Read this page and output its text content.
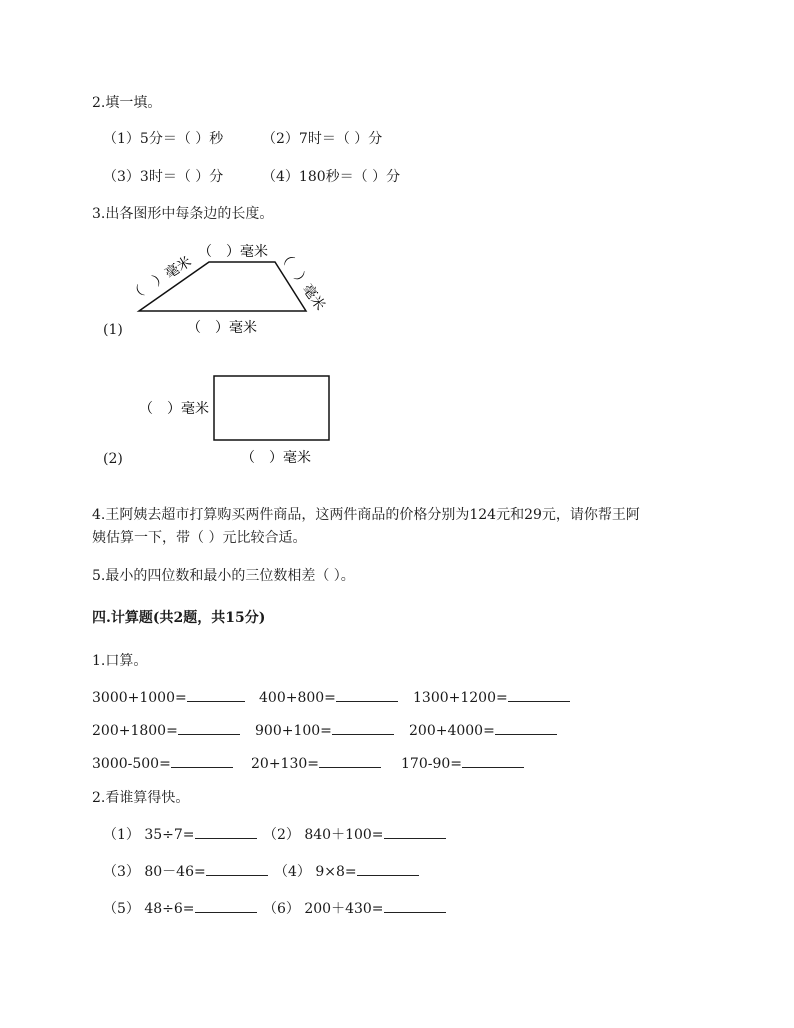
2.填一填。
（1）5分＝（ ）秒	（2）7时＝（ ）分
（3）3时＝（ ）分	（4）180秒＝（ ）分
3.出各图形中每条边的长度。
（　）毫米
（　）毫米	（　）毫米
（　）毫米
（　）毫米
（　）毫米
(1)
(2)
4.王阿姨去超市打算购买两件商品，这两件商品的价格分别为124元和29元，请你帮王阿
姨估算一下，带（ ）元比较合适。
5.最小的四位数和最小的三位数相差（ ）。
四.计算题(共2题，共15分)
1.口算。
3000+1000=	400+800=	1300+1200=
200+1800=	900+100=	200+4000=
3000-500=	20+130=	170-90=
2.看谁算得快。
（1） 35÷7=	（2） 840＋100=
（3） 80－46=	（4） 9×8=
（5） 48÷6=	（6） 200＋430=
